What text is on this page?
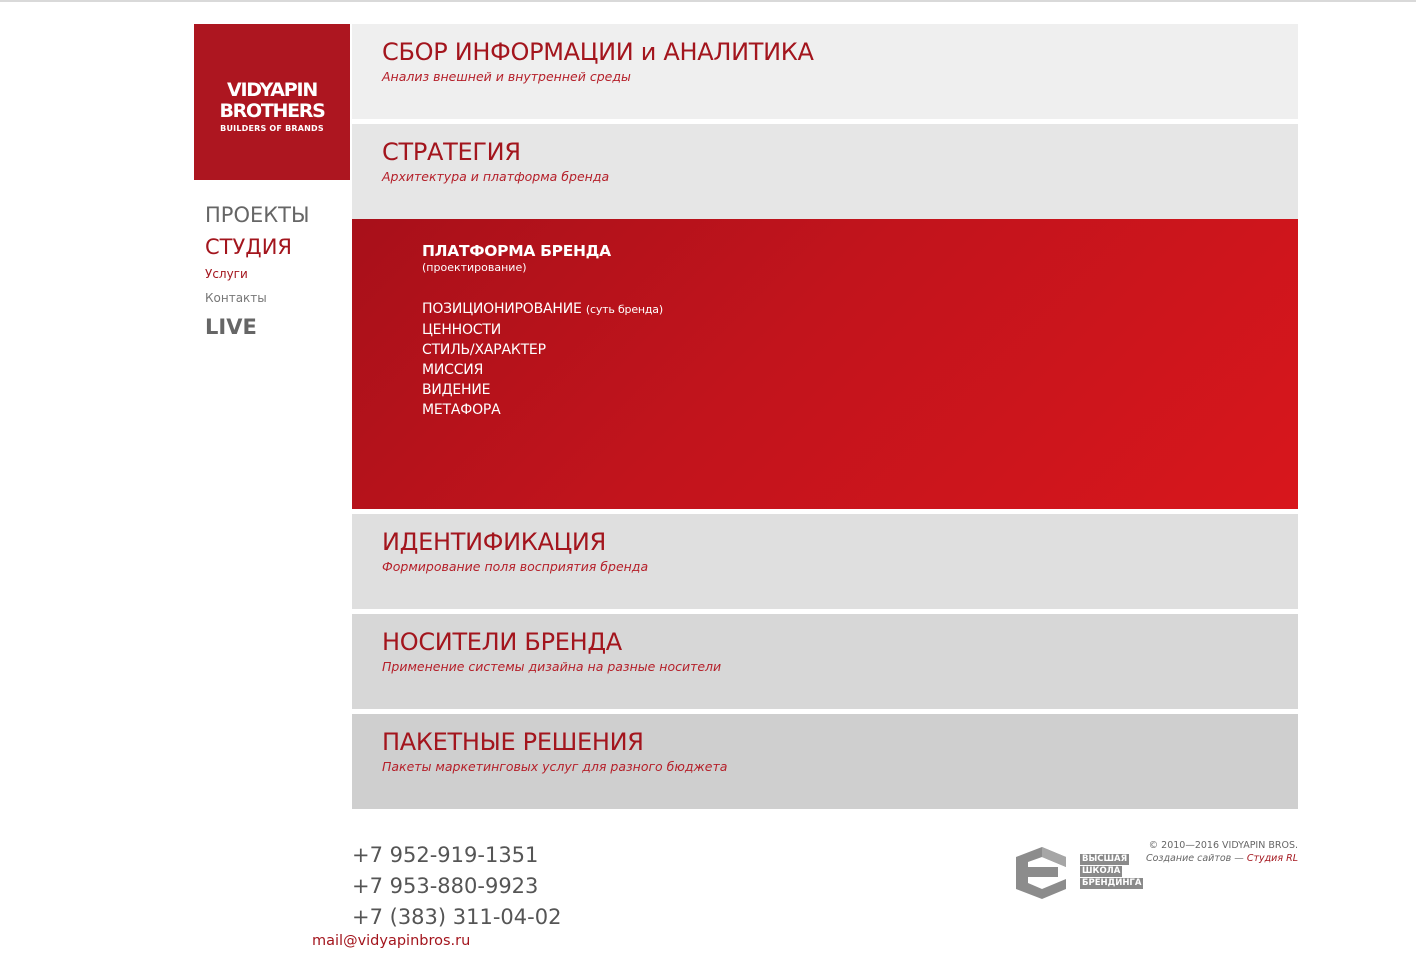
VIDYAPIN
BROTHERS
BUILDERS OF BRANDS
ПРОЕКТЫ
СТУДИЯ
Услуги
Контакты
LIVE
СБОР ИНФОРМАЦИИ и АНАЛИТИКА
Анализ внешней и внутренней среды
СТРАТЕГИЯ
Архитектура и платформа бренда
ПЛАТФОРМА БРЕНДА
(проектирование)
ПОЗИЦИОНИРОВАНИЕ (суть бренда)
ЦЕННОСТИ
СТИЛЬ/ХАРАКТЕР
МИССИЯ
ВИДЕНИЕ
МЕТАФОРА
ИДЕНТИФИКАЦИЯ
Формирование поля восприятия бренда
НОСИТЕЛИ БРЕНДА
Применение системы дизайна на разные носители
ПАКЕТНЫЕ РЕШЕНИЯ
Пакеты маркетинговых услуг для разного бюджета
+7 952-919-1351
+7 953-880-9923
+7 (383) 311-04-02
mail@vidyapinbros.ru
ВЫСШАЯ
ШКОЛА
БРЕНДИНГА
© 2010—2016 VIDYAPIN BROS.
Создание сайтов — Студия RL
